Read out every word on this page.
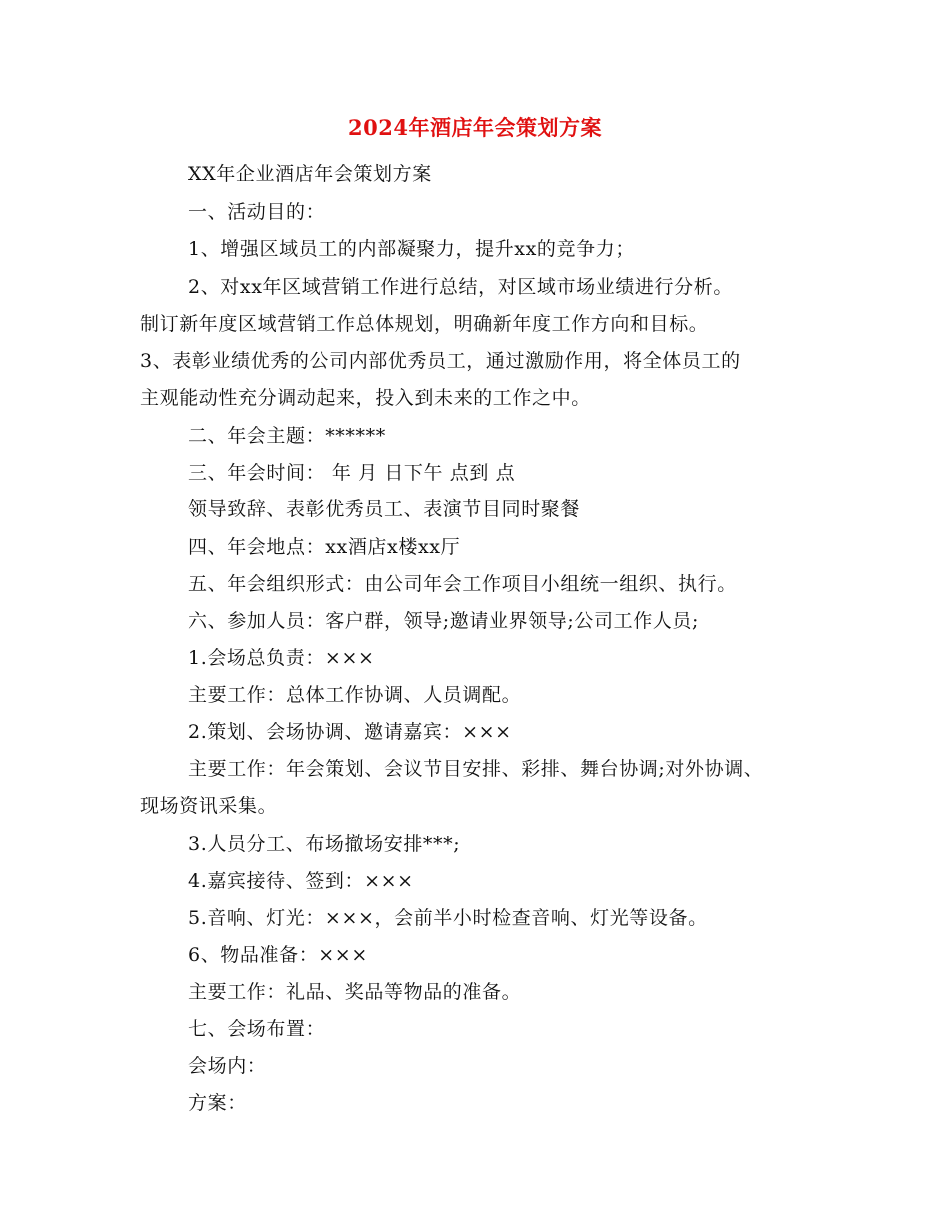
2024年酒店年会策划方案
XX年企业酒店年会策划方案
一、活动目的：
1、增强区域员工的内部凝聚力，提升xx的竞争力；
2、对xx年区域营销工作进行总结，对区域市场业绩进行分析。
制订新年度区域营销工作总体规划，明确新年度工作方向和目标。
3、表彰业绩优秀的公司内部优秀员工，通过激励作用，将全体员工的
主观能动性充分调动起来，投入到未来的工作之中。
二、年会主题：******
三、年会时间： 年 月 日下午 点到 点
领导致辞、表彰优秀员工、表演节目同时聚餐
四、年会地点：xx酒店x楼xx厅
五、年会组织形式：由公司年会工作项目小组统一组织、执行。
六、参加人员：客户群，领导;邀请业界领导;公司工作人员;
1.会场总负责：×××
主要工作：总体工作协调、人员调配。
2.策划、会场协调、邀请嘉宾：×××
主要工作：年会策划、会议节目安排、彩排、舞台协调;对外协调、
现场资讯采集。
3.人员分工、布场撤场安排***;
4.嘉宾接待、签到：×××
5.音响、灯光：×××，会前半小时检查音响、灯光等设备。
6、物品准备：×××
主要工作：礼品、奖品等物品的准备。
七、会场布置：
会场内：
方案：
